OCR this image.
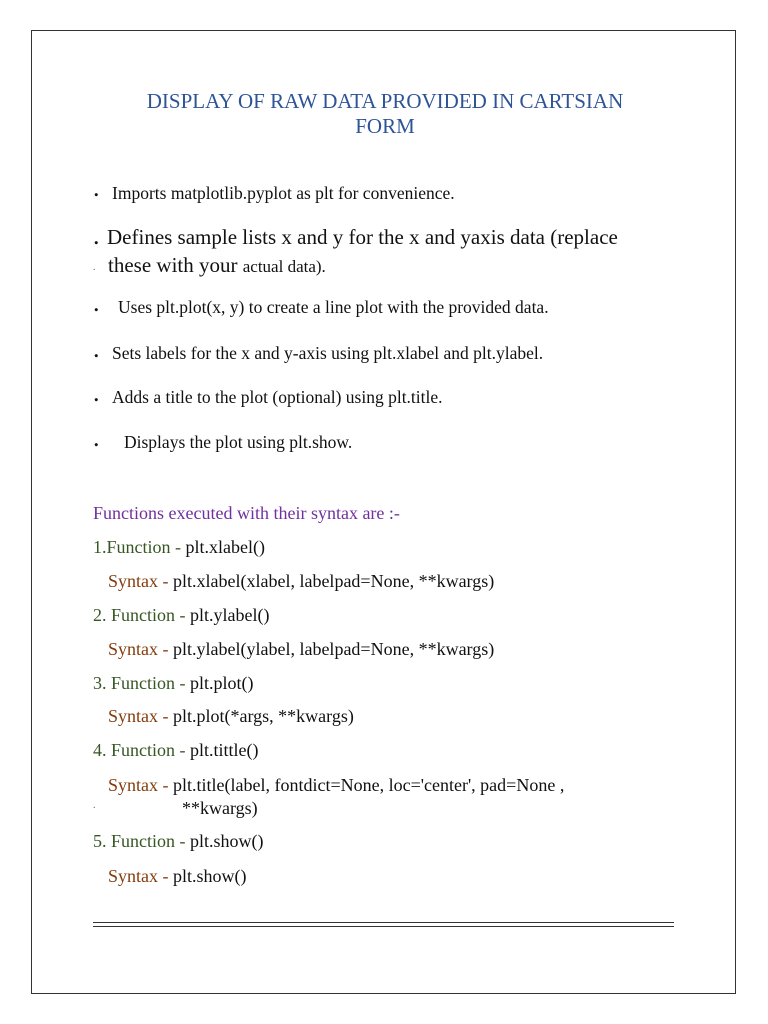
DISPLAY OF RAW DATA PROVIDED IN CARTSIAN
FORM
. Imports matplotlib.pyplot as plt for convenience.
. Defines sample lists x and y for the x and yaxis data (replace
. these with your actual data).
. Uses plt.plot(x, y) to create a line plot with the provided data.
. Sets labels for the x and y-axis using plt.xlabel and plt.ylabel.
. Adds a title to the plot (optional) using plt.title.
. Displays the plot using plt.show.
Functions executed with their syntax are :-
1.Function - plt.xlabel()
Syntax - plt.xlabel(xlabel, labelpad=None, **kwargs)
2. Function - plt.ylabel()
Syntax - plt.ylabel(ylabel, labelpad=None, **kwargs)
3. Function - plt.plot()
Syntax - plt.plot(*args, **kwargs)
4. Function - plt.tittle()
Syntax - plt.title(label, fontdict=None, loc='center', pad=None ,
.	**kwargs)
5. Function - plt.show()
Syntax - plt.show()
